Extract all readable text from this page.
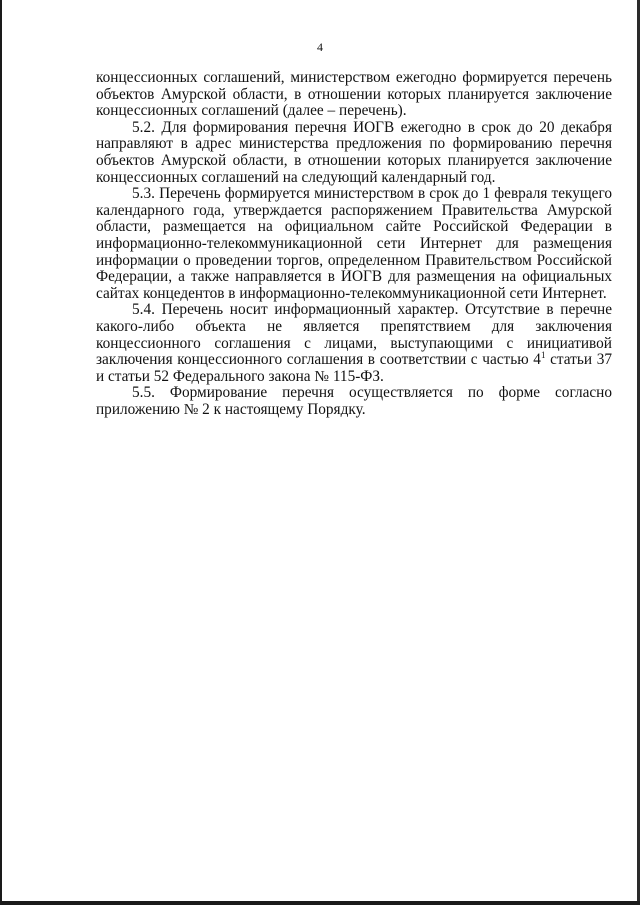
4

концессионных соглашений, министерством ежегодно формируется перечень объектов Амурской области, в отношении которых планируется заключение концессионных соглашений (далее – перечень).

5.2. Для формирования перечня ИОГВ ежегодно в срок до 20 декабря направляют в адрес министерства предложения по формированию перечня объектов Амурской области, в отношении которых планируется заключение концессионных соглашений на следующий календарный год.

5.3. Перечень формируется министерством в срок до 1 февраля текущего календарного года, утверждается распоряжением Правительства Амурской области, размещается на официальном сайте Российской Федерации в информационно-телекоммуникационной сети Интернет для размещения информации о проведении торгов, определенном Правительством Российской Федерации, а также направляется в ИОГВ для размещения на официальных сайтах концедентов в информационно-телекоммуникационной сети Интернет.

5.4. Перечень носит информационный характер. Отсутствие в перечне какого-либо объекта не является препятствием для заключения концессионного соглашения с лицами, выступающими с инициативой заключения концессионного соглашения в соответствии с частью $4^1$ статьи 37 и статьи 52 Федерального закона № 115-ФЗ.

5.5. Формирование перечня осуществляется по форме согласно приложению № 2 к настоящему Порядку.
